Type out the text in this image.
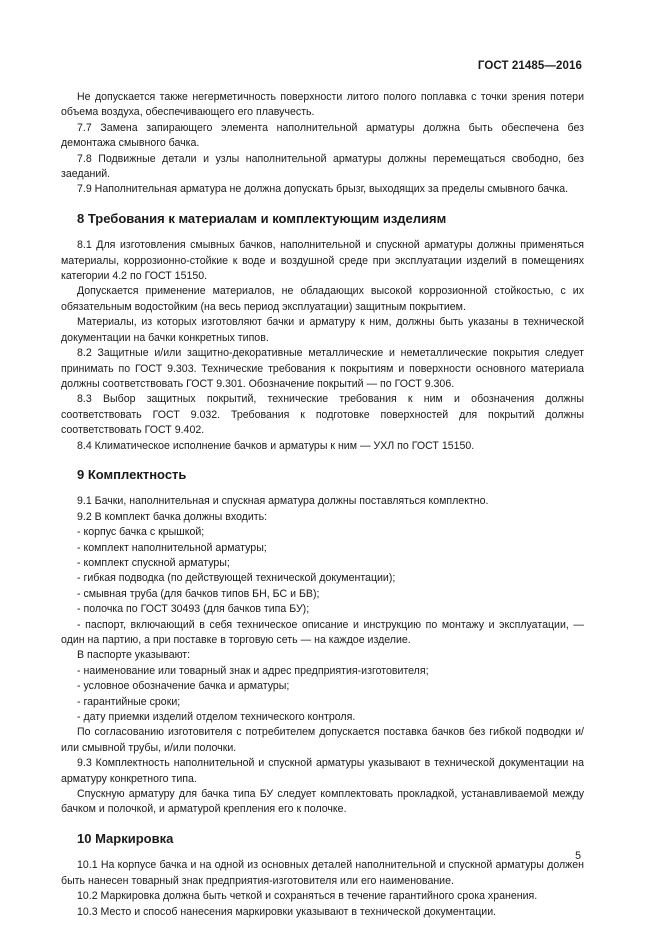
ГОСТ 21485—2016

Не допускается также негерметичность поверхности литого полого поплавка с точки зрения потери объема воздуха, обеспечивающего его плавучесть.

7.7 Замена запирающего элемента наполнительной арматуры должна быть обеспечена без демонтажа смывного бачка.

7.8 Подвижные детали и узлы наполнительной арматуры должны перемещаться свободно, без заеданий.

7.9 Наполнительная арматура не должна допускать брызг, выходящих за пределы смывного бачка.

8 Требования к материалам и комплектующим изделиям

8.1 Для изготовления смывных бачков, наполнительной и спускной арматуры должны применяться материалы, коррозионно-стойкие к воде и воздушной среде при эксплуатации изделий в помещениях категории 4.2 по ГОСТ 15150.

Допускается применение материалов, не обладающих высокой коррозионной стойкостью, с их обязательным водостойким (на весь период эксплуатации) защитным покрытием.

Материалы, из которых изготовляют бачки и арматуру к ним, должны быть указаны в технической документации на бачки конкретных типов.

8.2 Защитные и/или защитно-декоративные металлические и неметаллические покрытия следует принимать по ГОСТ 9.303. Технические требования к покрытиям и поверхности основного материала должны соответствовать ГОСТ 9.301. Обозначение покрытий — по ГОСТ 9.306.

8.3 Выбор защитных покрытий, технические требования к ним и обозначения должны соответствовать ГОСТ 9.032. Требования к подготовке поверхностей для покрытий должны соответствовать ГОСТ 9.402.

8.4 Климатическое исполнение бачков и арматуры к ним — УХЛ по ГОСТ 15150.

9 Комплектность

9.1 Бачки, наполнительная и спускная арматура должны поставляться комплектно.

9.2 В комплект бачка должны входить:

- корпус бачка с крышкой;

- комплект наполнительной арматуры;

- комплект спускной арматуры;

- гибкая подводка (по действующей технической документации);

- смывная труба (для бачков типов БН, БС и БВ);

- полочка по ГОСТ 30493 (для бачков типа БУ);

- паспорт, включающий в себя техническое описание и инструкцию по монтажу и эксплуатации, — один на партию, а при поставке в торговую сеть — на каждое изделие.

В паспорте указывают:

- наименование или товарный знак и адрес предприятия-изготовителя;

- условное обозначение бачка и арматуры;

- гарантийные сроки;

- дату приемки изделий отделом технического контроля.

По согласованию изготовителя с потребителем допускается поставка бачков без гибкой подводки и/или смывной трубы, и/или полочки.

9.3 Комплектность наполнительной и спускной арматуры указывают в технической документации на арматуру конкретного типа.

Спускную арматуру для бачка типа БУ следует комплектовать прокладкой, устанавливаемой между бачком и полочкой, и арматурой крепления его к полочке.

10 Маркировка

10.1 На корпусе бачка и на одной из основных деталей наполнительной и спускной арматуры должен быть нанесен товарный знак предприятия-изготовителя или его наименование.

10.2 Маркировка должна быть четкой и сохраняться в течение гарантийного срока хранения.

10.3 Место и способ нанесения маркировки указывают в технической документации.

5
